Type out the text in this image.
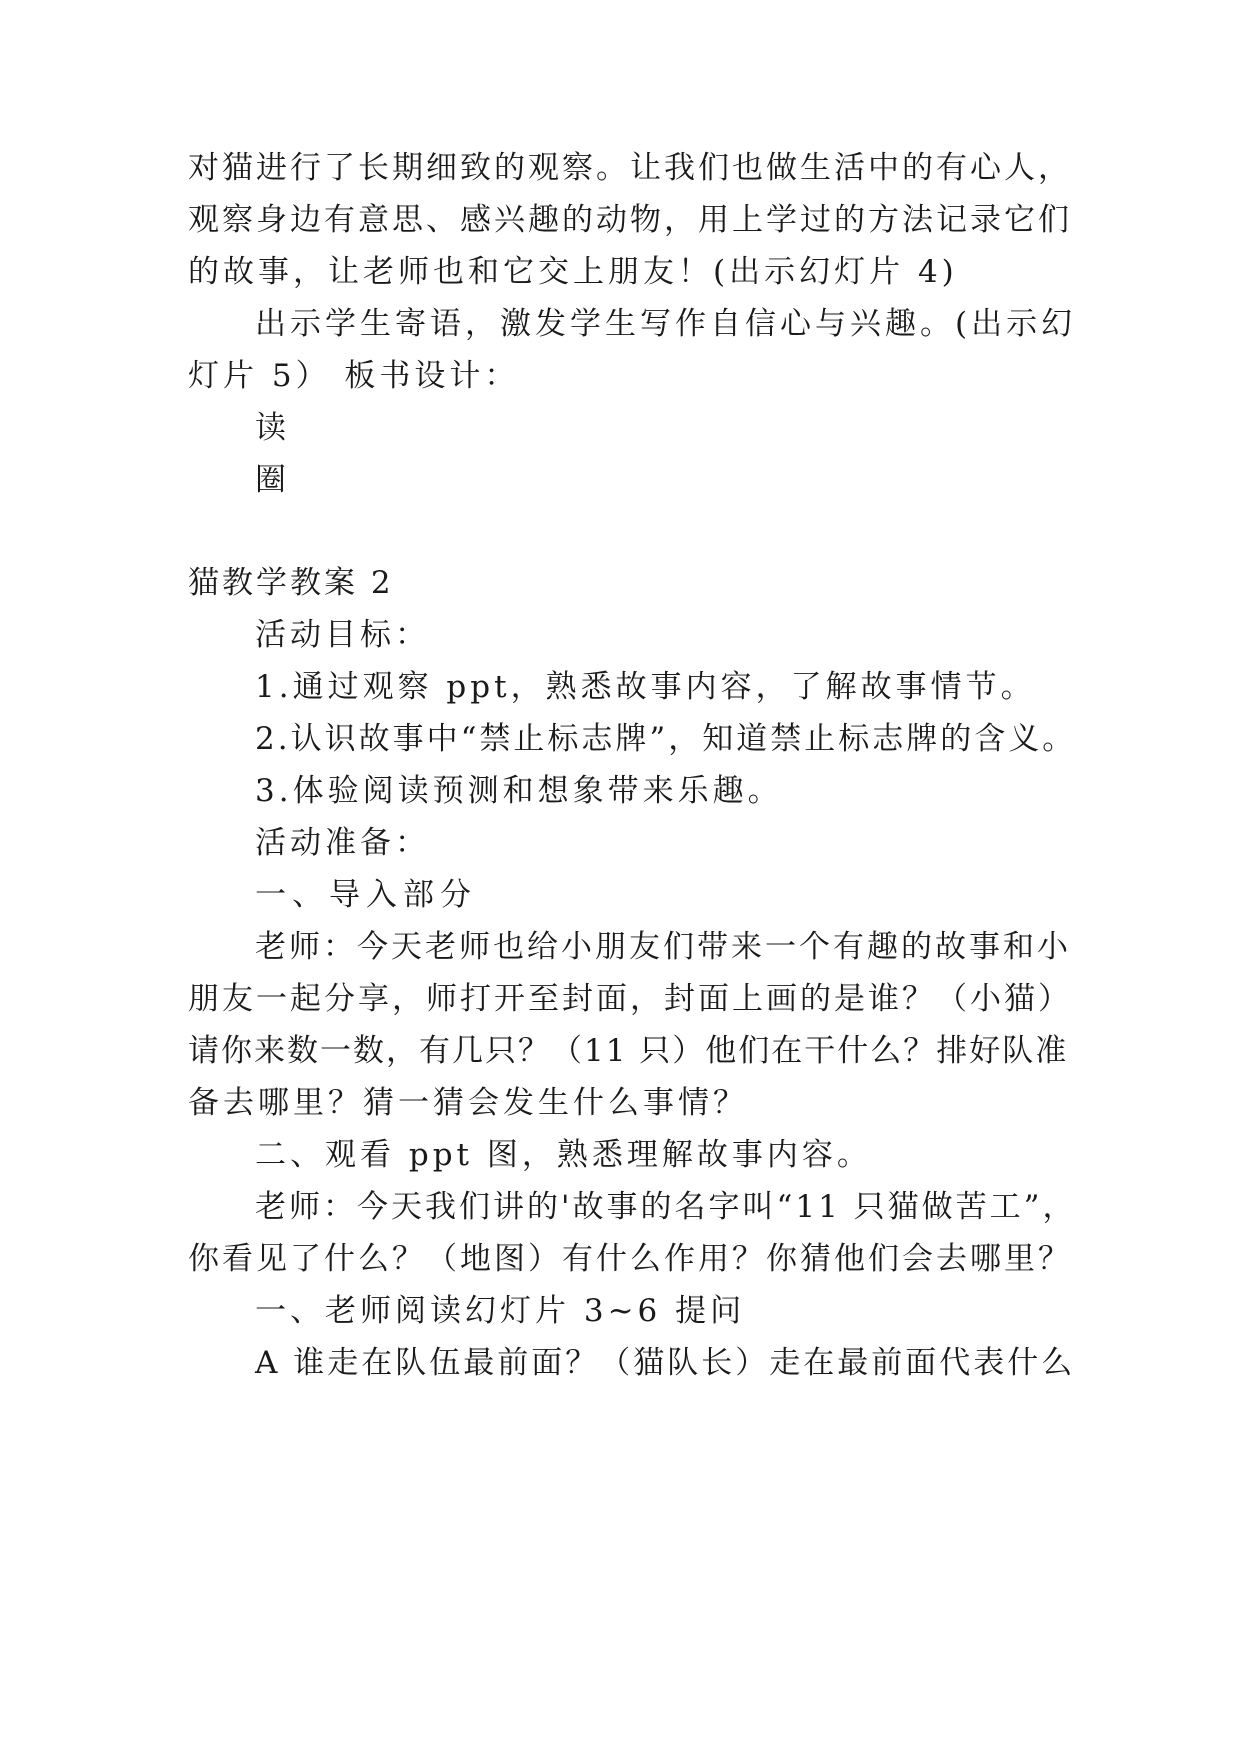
对猫进行了长期细致的观察。让我们也做生活中的有心人，

观察身边有意思、感兴趣的动物，用上学过的方法记录它们

的故事，让老师也和它交上朋友！(出示幻灯片 4)

出示学生寄语，激发学生写作自信心与兴趣。(出示幻

灯片 5） 板书设计：

读

圈

猫教学教案 2

活动目标：

1.通过观察 ppt，熟悉故事内容，了解故事情节。

2.认识故事中“禁止标志牌”，知道禁止标志牌的含义。

3.体验阅读预测和想象带来乐趣。

活动准备：

一、导入部分

老师：今天老师也给小朋友们带来一个有趣的故事和小

朋友一起分享，师打开至封面，封面上画的是谁？（小猫）

请你来数一数，有几只？（11 只）他们在干什么？排好队准

备去哪里？猜一猜会发生什么事情？

二、观看 ppt 图，熟悉理解故事内容。

老师：今天我们讲的'故事的名字叫“11 只猫做苦工”，

你看见了什么？（地图）有什么作用？你猜他们会去哪里？

一、老师阅读幻灯片 3~6 提问

A 谁走在队伍最前面？（猫队长）走在最前面代表什么
